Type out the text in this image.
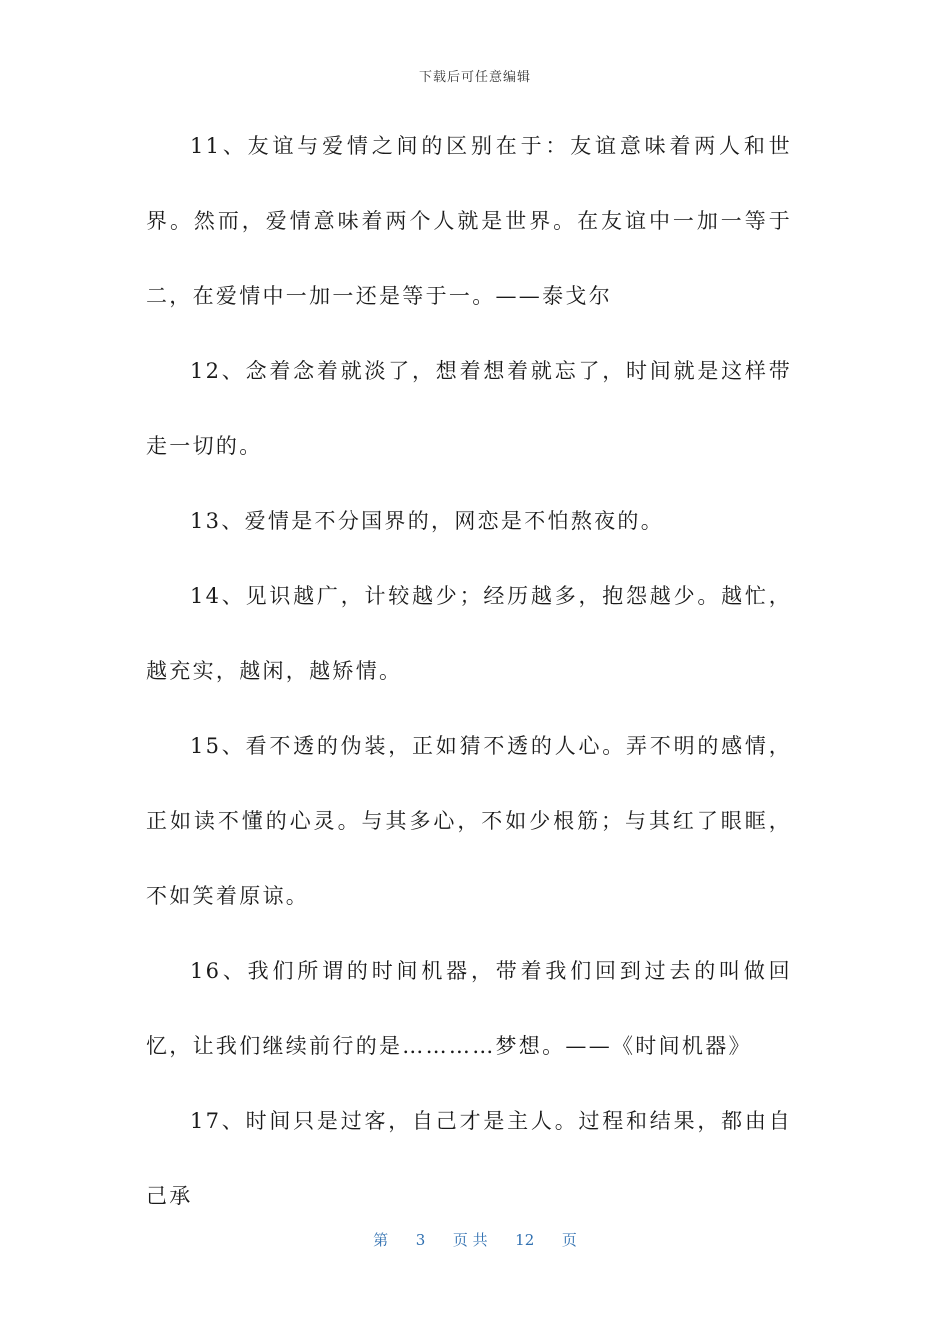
下载后可任意编辑

11、友谊与爱情之间的区别在于：友谊意味着两人和世界。然而，爱情意味着两个人就是世界。在友谊中一加一等于二，在爱情中一加一还是等于一。——泰戈尔

12、念着念着就淡了，想着想着就忘了，时间就是这样带走一切的。

13、爱情是不分国界的，网恋是不怕熬夜的。

14、见识越广，计较越少；经历越多，抱怨越少。越忙，越充实，越闲，越矫情。

15、看不透的伪装，正如猜不透的人心。弄不明的感情，正如读不懂的心灵。与其多心，不如少根筋；与其红了眼眶，不如笑着原谅。

16、我们所谓的时间机器，带着我们回到过去的叫做回忆，让我们继续前行的是…………梦想。——《时间机器》

17、时间只是过客，自己才是主人。过程和结果，都由自己承

第 3 页 共 12 页
